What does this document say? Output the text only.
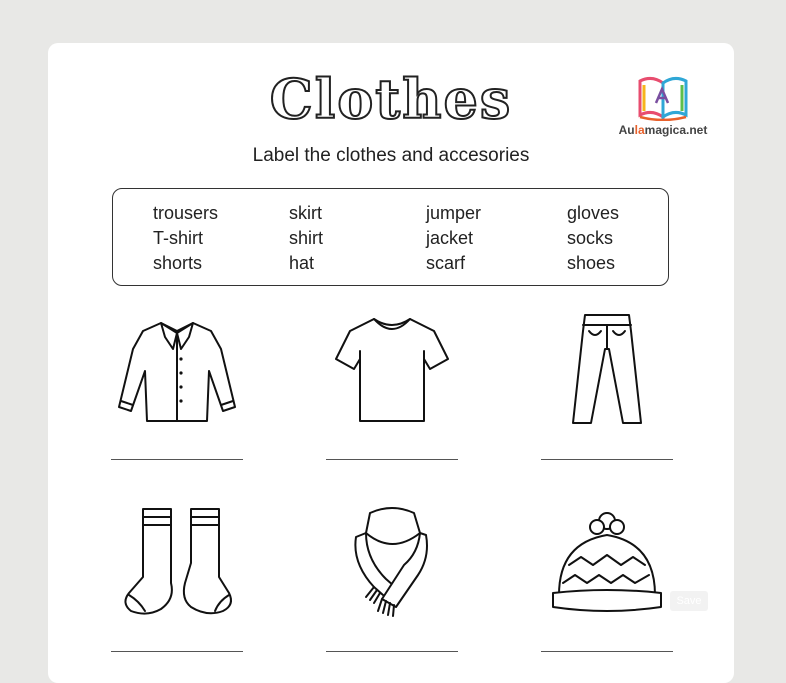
Clothes	Aulamagica.net
Label the clothes and accesories
trousers	skirt	jumper	gloves
T-shirt	shirt	jacket	socks
shorts	hat	scarf	shoes
Save
